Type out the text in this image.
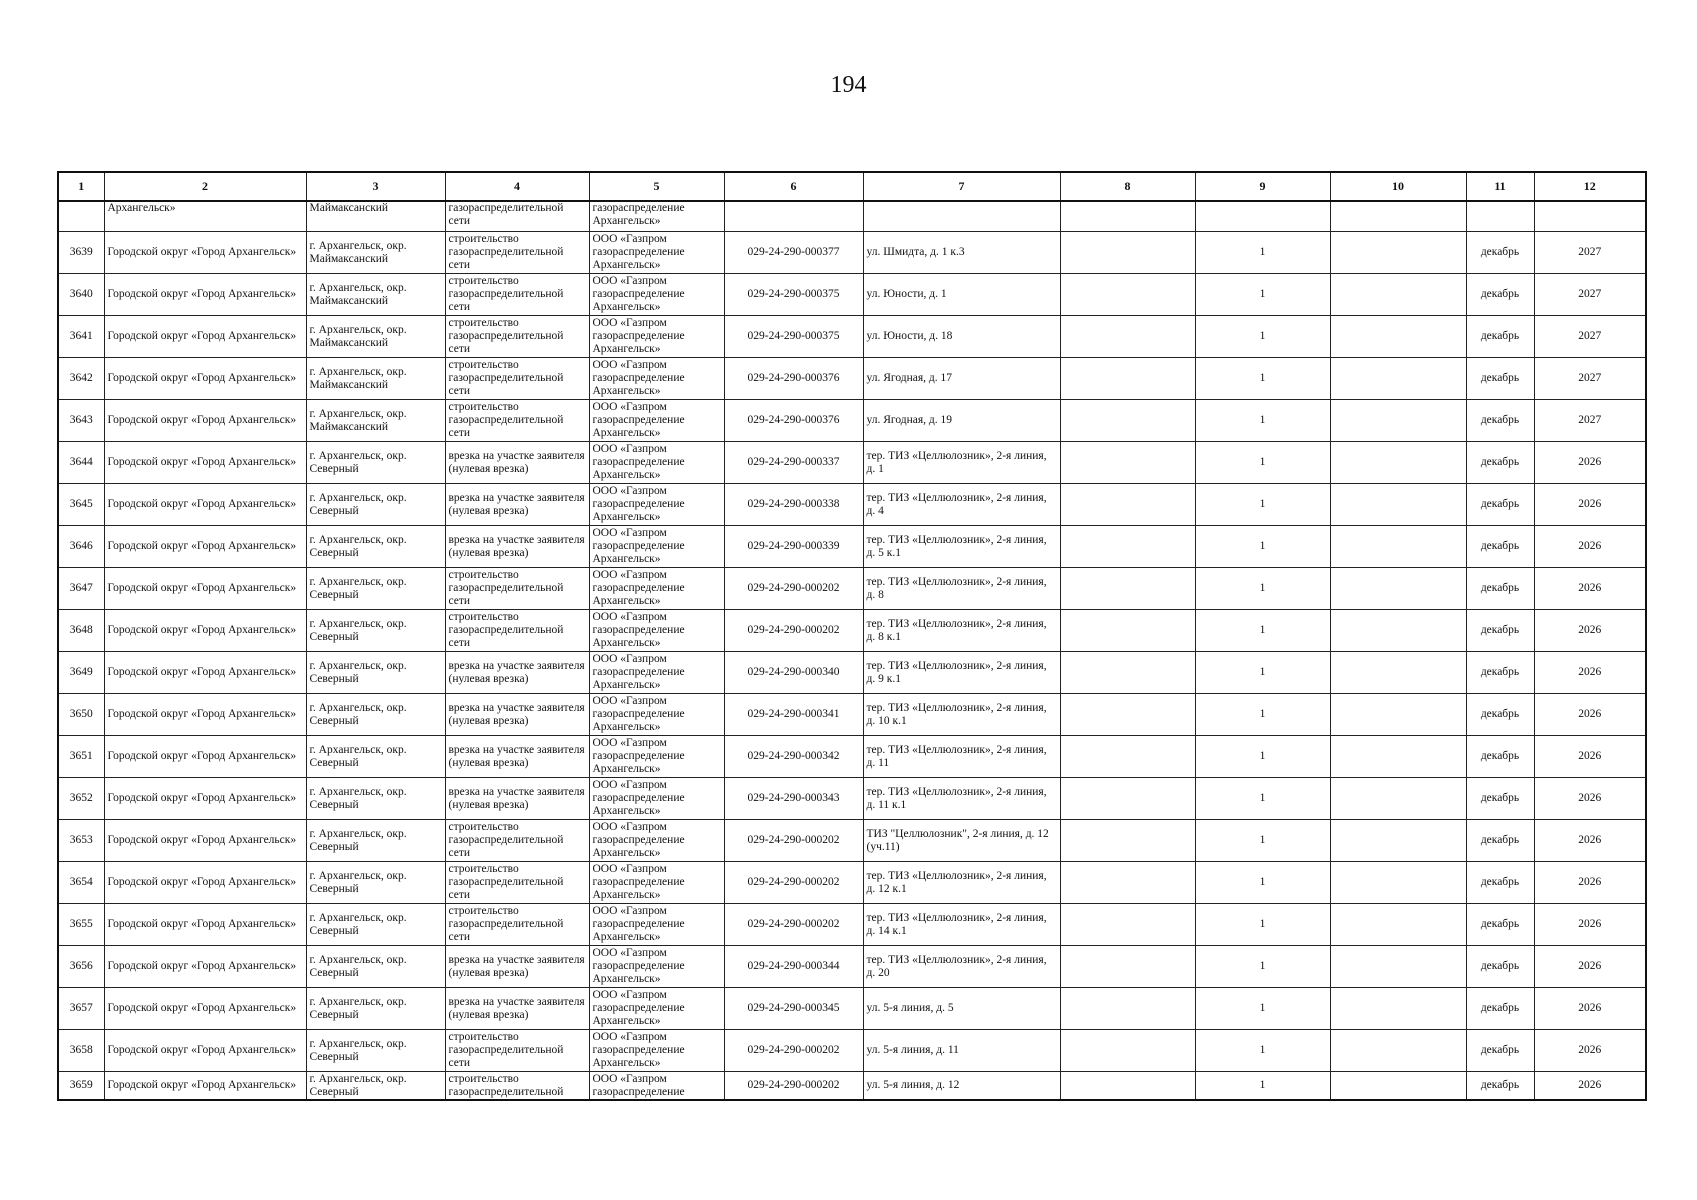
194
1	2	3	4	5	6	7	8	9	10	11	12
	Архангельск»	Маймаксанский	газораспределительной сети	газораспределение Архангельск»							
3639	Городской округ «Город Архангельск»	г. Архангельск, окр. Маймаксанский	строительство газораспределительной сети	ООО «Газпром газораспределение Архангельск»	029-24-290-000377	ул. Шмидта, д. 1 к.3		1		декабрь	2027
3640	Городской округ «Город Архангельск»	г. Архангельск, окр. Маймаксанский	строительство газораспределительной сети	ООО «Газпром газораспределение Архангельск»	029-24-290-000375	ул. Юности, д. 1		1		декабрь	2027
3641	Городской округ «Город Архангельск»	г. Архангельск, окр. Маймаксанский	строительство газораспределительной сети	ООО «Газпром газораспределение Архангельск»	029-24-290-000375	ул. Юности, д. 18		1		декабрь	2027
3642	Городской округ «Город Архангельск»	г. Архангельск, окр. Маймаксанский	строительство газораспределительной сети	ООО «Газпром газораспределение Архангельск»	029-24-290-000376	ул. Ягодная, д. 17		1		декабрь	2027
3643	Городской округ «Город Архангельск»	г. Архангельск, окр. Маймаксанский	строительство газораспределительной сети	ООО «Газпром газораспределение Архангельск»	029-24-290-000376	ул. Ягодная, д. 19		1		декабрь	2027
3644	Городской округ «Город Архангельск»	г. Архангельск, окр. Северный	врезка на участке заявителя (нулевая врезка)	ООО «Газпром газораспределение Архангельск»	029-24-290-000337	тер. ТИЗ «Целлюлозник», 2-я линия, д. 1		1		декабрь	2026
3645	Городской округ «Город Архангельск»	г. Архангельск, окр. Северный	врезка на участке заявителя (нулевая врезка)	ООО «Газпром газораспределение Архангельск»	029-24-290-000338	тер. ТИЗ «Целлюлозник», 2-я линия, д. 4		1		декабрь	2026
3646	Городской округ «Город Архангельск»	г. Архангельск, окр. Северный	врезка на участке заявителя (нулевая врезка)	ООО «Газпром газораспределение Архангельск»	029-24-290-000339	тер. ТИЗ «Целлюлозник», 2-я линия, д. 5 к.1		1		декабрь	2026
3647	Городской округ «Город Архангельск»	г. Архангельск, окр. Северный	строительство газораспределительной сети	ООО «Газпром газораспределение Архангельск»	029-24-290-000202	тер. ТИЗ «Целлюлозник», 2-я линия, д. 8		1		декабрь	2026
3648	Городской округ «Город Архангельск»	г. Архангельск, окр. Северный	строительство газораспределительной сети	ООО «Газпром газораспределение Архангельск»	029-24-290-000202	тер. ТИЗ «Целлюлозник», 2-я линия, д. 8 к.1		1		декабрь	2026
3649	Городской округ «Город Архангельск»	г. Архангельск, окр. Северный	врезка на участке заявителя (нулевая врезка)	ООО «Газпром газораспределение Архангельск»	029-24-290-000340	тер. ТИЗ «Целлюлозник», 2-я линия, д. 9 к.1		1		декабрь	2026
3650	Городской округ «Город Архангельск»	г. Архангельск, окр. Северный	врезка на участке заявителя (нулевая врезка)	ООО «Газпром газораспределение Архангельск»	029-24-290-000341	тер. ТИЗ «Целлюлозник», 2-я линия, д. 10 к.1		1		декабрь	2026
3651	Городской округ «Город Архангельск»	г. Архангельск, окр. Северный	врезка на участке заявителя (нулевая врезка)	ООО «Газпром газораспределение Архангельск»	029-24-290-000342	тер. ТИЗ «Целлюлозник», 2-я линия, д. 11		1		декабрь	2026
3652	Городской округ «Город Архангельск»	г. Архангельск, окр. Северный	врезка на участке заявителя (нулевая врезка)	ООО «Газпром газораспределение Архангельск»	029-24-290-000343	тер. ТИЗ «Целлюлозник», 2-я линия, д. 11 к.1		1		декабрь	2026
3653	Городской округ «Город Архангельск»	г. Архангельск, окр. Северный	строительство газораспределительной сети	ООО «Газпром газораспределение Архангельск»	029-24-290-000202	ТИЗ "Целлюлозник", 2-я линия, д. 12 (уч.11)		1		декабрь	2026
3654	Городской округ «Город Архангельск»	г. Архангельск, окр. Северный	строительство газораспределительной сети	ООО «Газпром газораспределение Архангельск»	029-24-290-000202	тер. ТИЗ «Целлюлозник», 2-я линия, д. 12 к.1		1		декабрь	2026
3655	Городской округ «Город Архангельск»	г. Архангельск, окр. Северный	строительство газораспределительной сети	ООО «Газпром газораспределение Архангельск»	029-24-290-000202	тер. ТИЗ «Целлюлозник», 2-я линия, д. 14 к.1		1		декабрь	2026
3656	Городской округ «Город Архангельск»	г. Архангельск, окр. Северный	врезка на участке заявителя (нулевая врезка)	ООО «Газпром газораспределение Архангельск»	029-24-290-000344	тер. ТИЗ «Целлюлозник», 2-я линия, д. 20		1		декабрь	2026
3657	Городской округ «Город Архангельск»	г. Архангельск, окр. Северный	врезка на участке заявителя (нулевая врезка)	ООО «Газпром газораспределение Архангельск»	029-24-290-000345	ул. 5-я линия, д. 5		1		декабрь	2026
3658	Городской округ «Город Архангельск»	г. Архангельск, окр. Северный	строительство газораспределительной сети	ООО «Газпром газораспределение Архангельск»	029-24-290-000202	ул. 5-я линия, д. 11		1		декабрь	2026
3659	Городской округ «Город Архангельск»	г. Архангельск, окр. Северный	строительство газораспределительной	ООО «Газпром газораспределение	029-24-290-000202	ул. 5-я линия, д. 12		1		декабрь	2026
